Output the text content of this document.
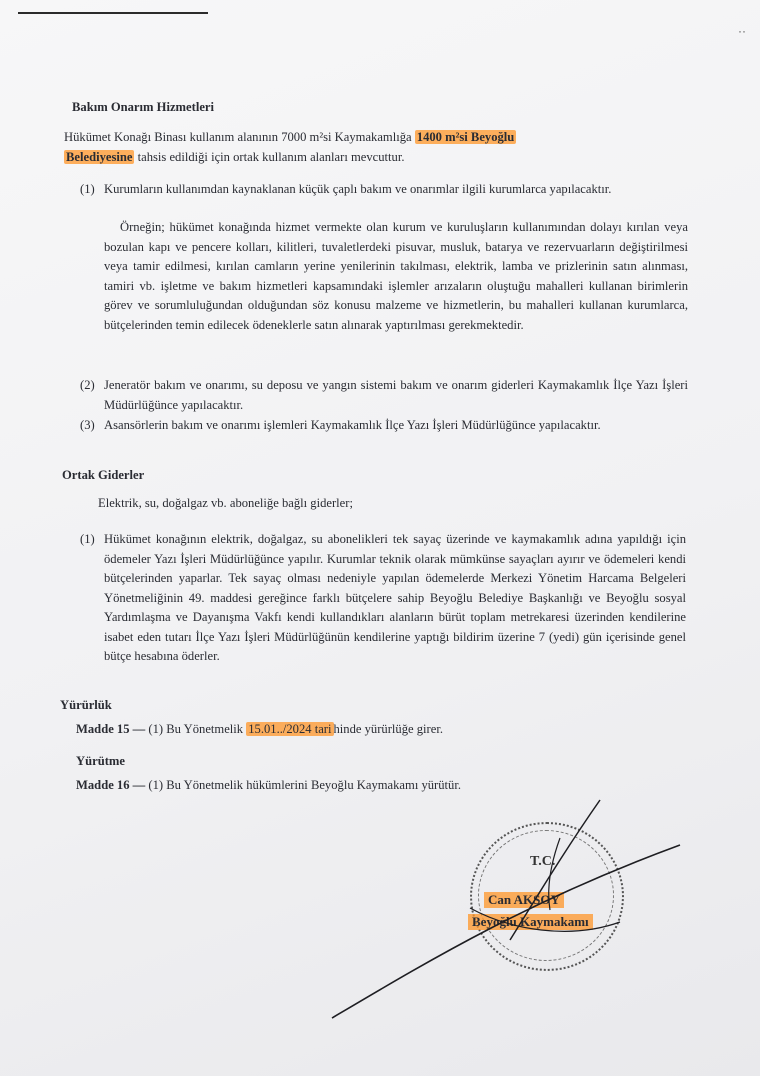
··
Bakım Onarım Hizmetleri
Hükümet Konağı Binası kullanım alanının 7000 m²si Kaymakamlığa 1400 m²si Beyoğlu
Belediyesine tahsis edildiği için ortak kullanım alanları mevcuttur.
(1) Kurumların kullanımdan kaynaklanan küçük çaplı bakım ve onarımlar ilgili kurumlarca yapılacaktır.
Örneğin; hükümet konağında hizmet vermekte olan kurum ve kuruluşların kullanımından dolayı kırılan veya bozulan kapı ve pencere kolları, kilitleri, tuvaletlerdeki pisuvar, musluk, batarya ve rezervuarların değiştirilmesi veya tamir edilmesi, kırılan camların yerine yenilerinin takılması, elektrik, lamba ve prizlerinin satın alınması, tamiri vb. işletme ve bakım hizmetleri kapsamındaki işlemler arızaların oluştuğu mahalleri kullanan birimlerin görev ve sorumluluğundan olduğundan söz konusu malzeme ve hizmetlerin, bu mahalleri kullanan kurumlarca, bütçelerinden temin edilecek ödeneklerle satın alınarak yaptırılması gerekmektedir.
(2) Jeneratör bakım ve onarımı, su deposu ve yangın sistemi bakım ve onarım giderleri Kaymakamlık İlçe Yazı İşleri Müdürlüğünce yapılacaktır.
(3) Asansörlerin bakım ve onarımı işlemleri Kaymakamlık İlçe Yazı İşleri Müdürlüğünce yapılacaktır.
Ortak Giderler
Elektrik, su, doğalgaz vb. aboneliğe bağlı giderler;
(1) Hükümet konağının elektrik, doğalgaz, su abonelikleri tek sayaç üzerinde ve kaymakamlık adına yapıldığı için ödemeler Yazı İşleri Müdürlüğünce yapılır. Kurumlar teknik olarak mümkünse sayaçları ayırır ve ödemeleri kendi bütçelerinden yaparlar. Tek sayaç olması nedeniyle yapılan ödemelerde Merkezi Yönetim Harcama Belgeleri Yönetmeliğinin 49. maddesi gereğince farklı bütçelere sahip Beyoğlu Belediye Başkanlığı ve Beyoğlu sosyal Yardımlaşma ve Dayanışma Vakfı kendi kullandıkları alanların bürüt toplam metrekaresi üzerinden kendilerine isabet eden tutarı İlçe Yazı İşleri Müdürlüğünün kendilerine yaptığı bildirim üzerine 7 (yedi) gün içerisinde genel bütçe hesabına öderler.
Yürürlük
Madde 15 — (1) Bu Yönetmelik 15.01../2024 tari hinde yürürlüğe girer.
Yürütme
Madde 16 — (1) Bu Yönetmelik hükümlerini Beyoğlu Kaymakamı yürütür.
T.C.
Can AKSOY
Beyoğlu Kaymakamı
